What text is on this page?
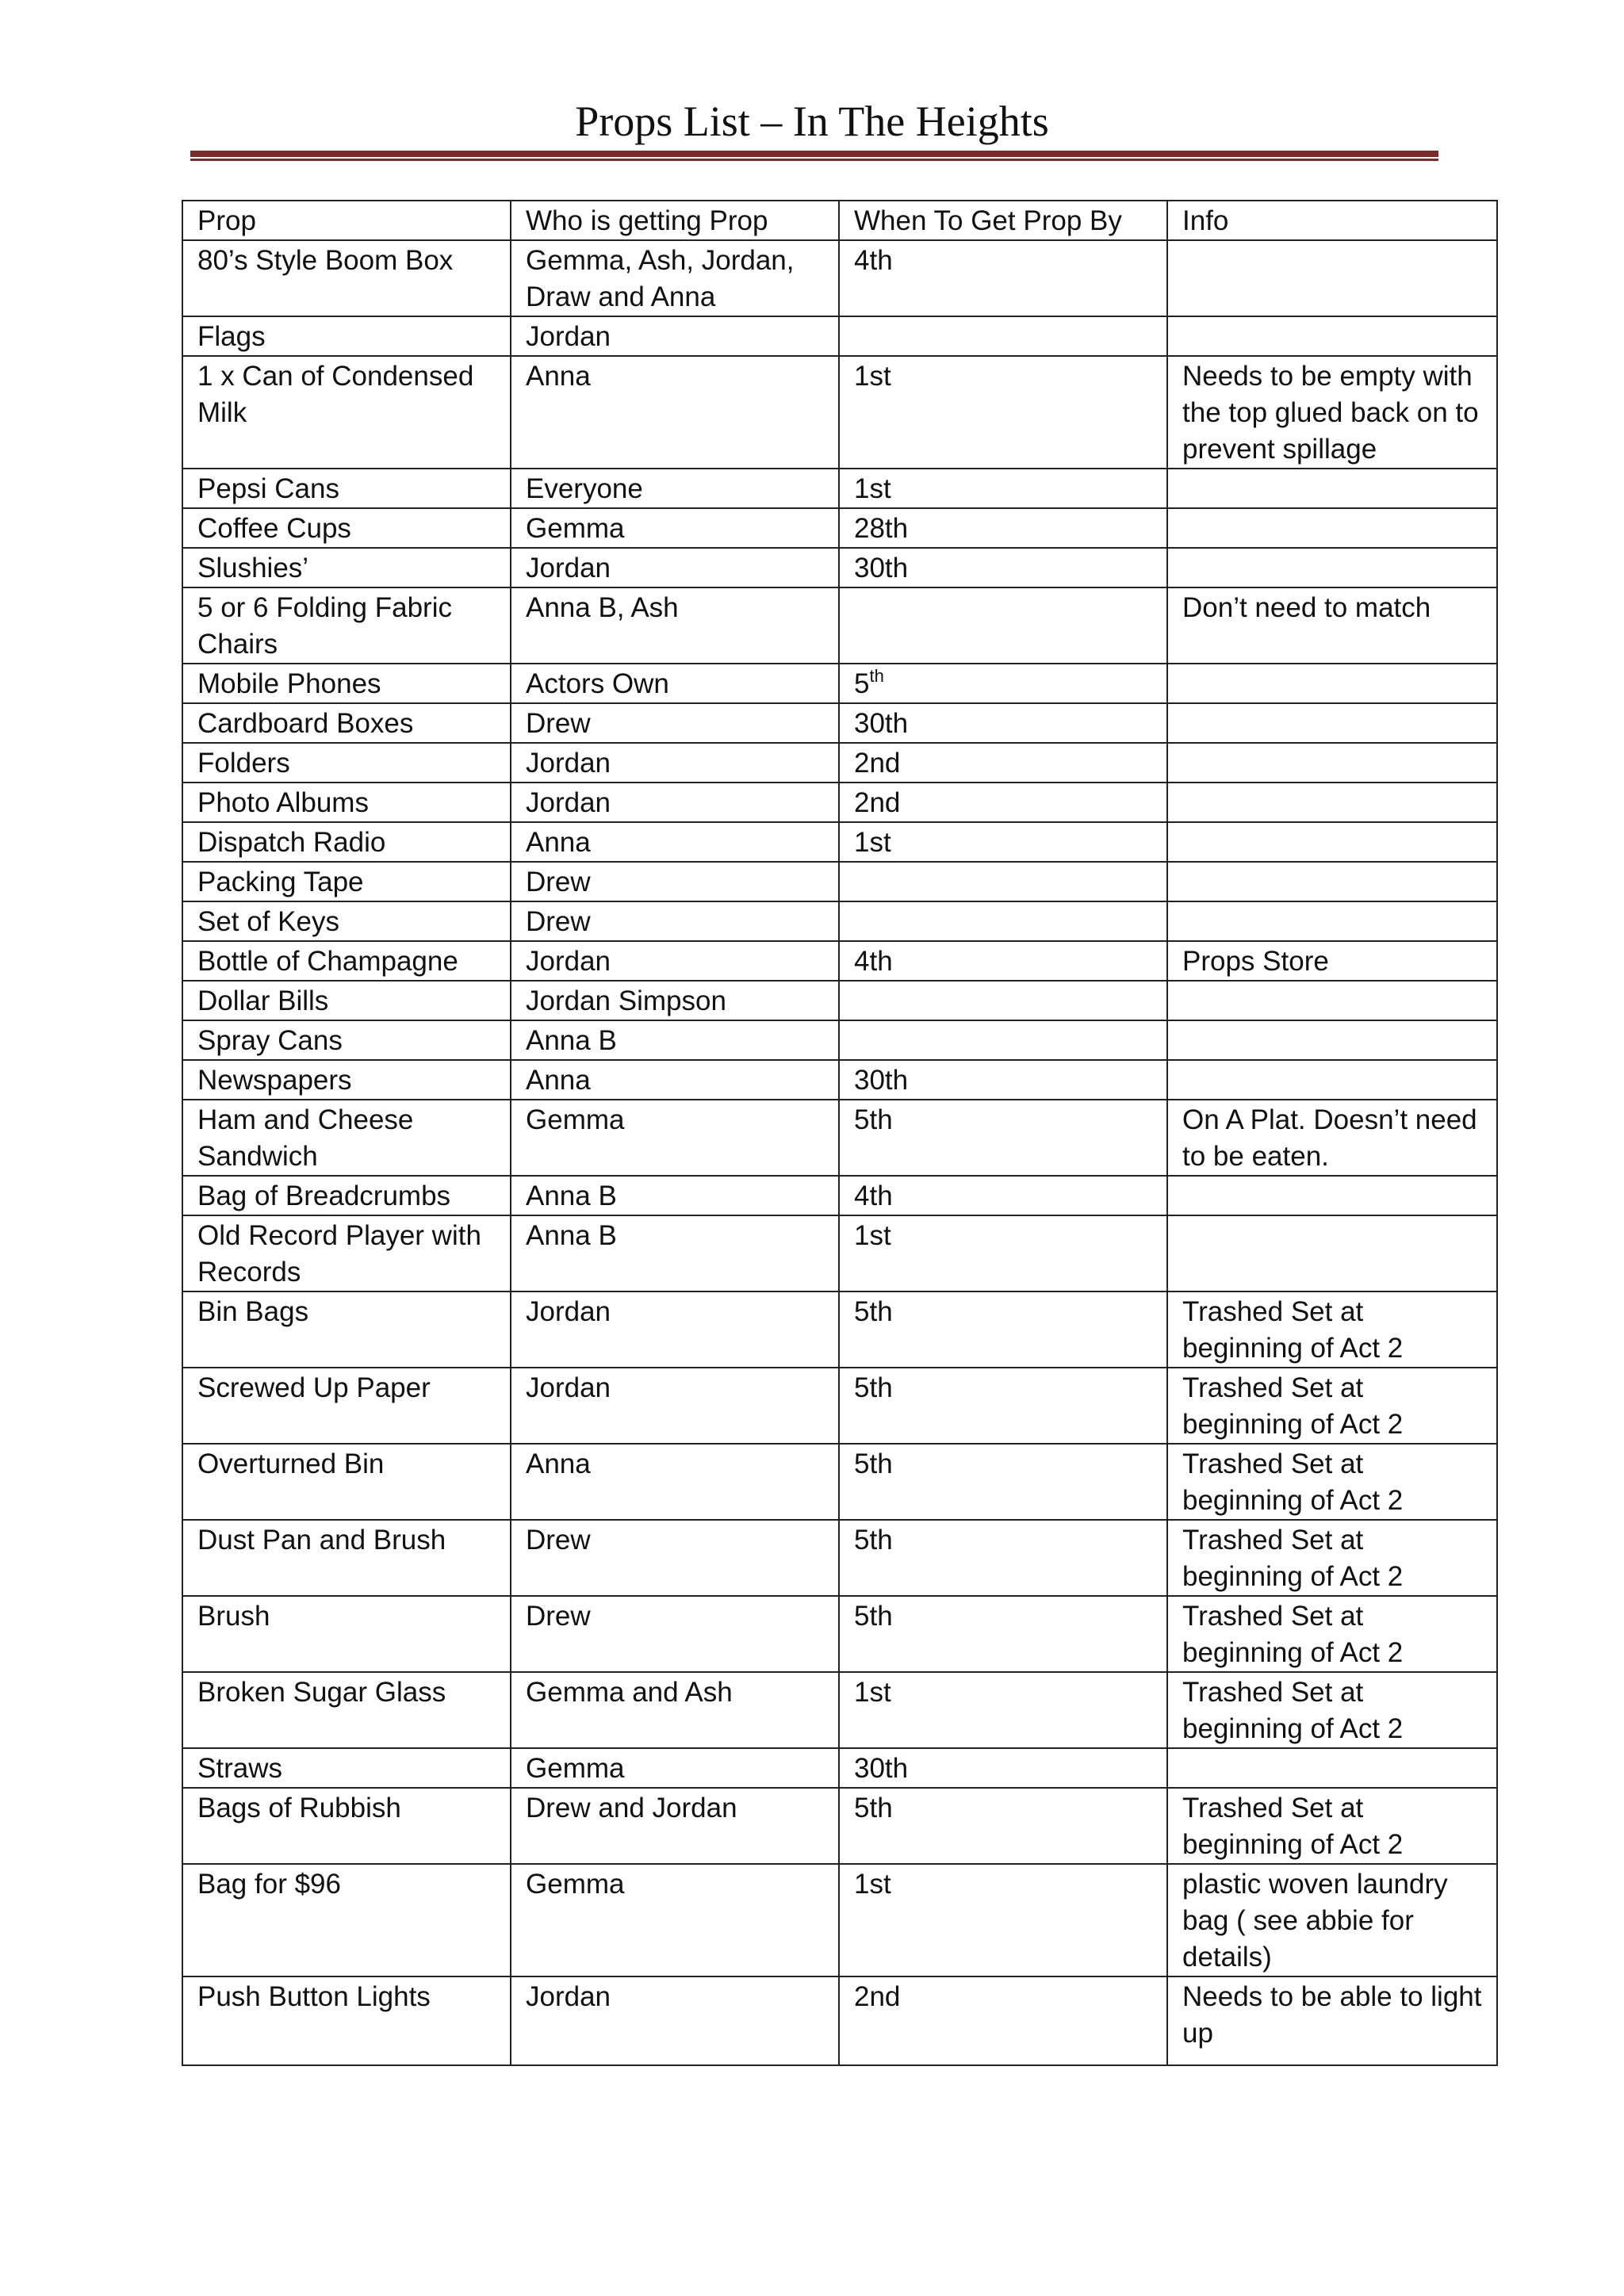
Props List – In The Heights
Prop	Who is getting Prop	When To Get Prop By	Info
80’s Style Boom Box	Gemma, Ash, Jordan, Draw and Anna	4th	
Flags	Jordan		
1 x Can of Condensed Milk	Anna	1st	Needs to be empty with the top glued back on to prevent spillage
Pepsi Cans	Everyone	1st	
Coffee Cups	Gemma	28th	
Slushies’	Jordan	30th	
5 or 6 Folding Fabric Chairs	Anna B, Ash		Don’t need to match
Mobile Phones	Actors Own	5th	
Cardboard Boxes	Drew	30th	
Folders	Jordan	2nd	
Photo Albums	Jordan	2nd	
Dispatch Radio	Anna	1st	
Packing Tape	Drew		
Set of Keys	Drew		
Bottle of Champagne	Jordan	4th	Props Store
Dollar Bills	Jordan Simpson		
Spray Cans	Anna B		
Newspapers	Anna	30th	
Ham and Cheese Sandwich	Gemma	5th	On A Plat. Doesn’t need to be eaten.
Bag of Breadcrumbs	Anna B	4th	
Old Record Player with Records	Anna B	1st	
Bin Bags	Jordan	5th	Trashed Set at beginning of Act 2
Screwed Up Paper	Jordan	5th	Trashed Set at beginning of Act 2
Overturned Bin	Anna	5th	Trashed Set at beginning of Act 2
Dust Pan and Brush	Drew	5th	Trashed Set at beginning of Act 2
Brush	Drew	5th	Trashed Set at beginning of Act 2
Broken Sugar Glass	Gemma and Ash	1st	Trashed Set at beginning of Act 2
Straws	Gemma	30th	
Bags of Rubbish	Drew and Jordan	5th	Trashed Set at beginning of Act 2
Bag for $96	Gemma	1st	plastic woven laundry bag ( see abbie for details)
Push Button Lights	Jordan	2nd	Needs to be able to light up
